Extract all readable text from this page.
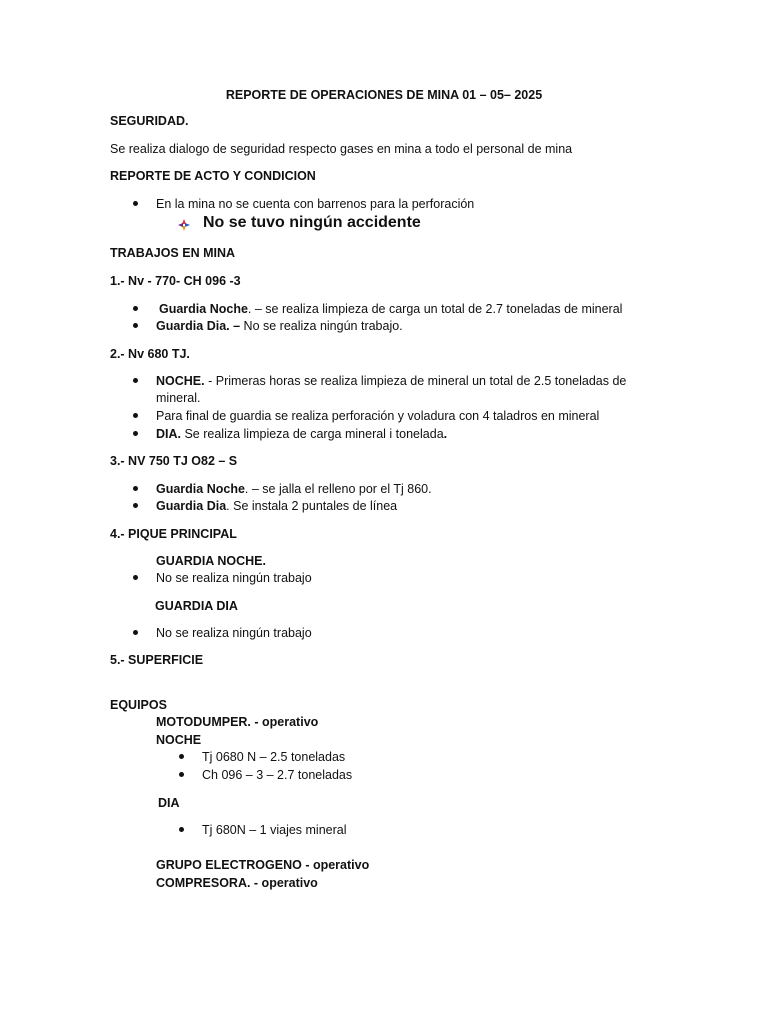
REPORTE DE OPERACIONES DE MINA 01 – 05– 2025
SEGURIDAD.
Se realiza dialogo de seguridad respecto gases en mina a todo el personal de mina
REPORTE DE ACTO Y CONDICION
En la mina no se cuenta con barrenos para la perforación
No se tuvo ningún accidente
TRABAJOS EN MINA
1.- Nv - 770- CH 096 -3
Guardia Noche. – se realiza limpieza de carga un total de 2.7 toneladas de mineral
Guardia Dia. – No se realiza ningún trabajo.
2.- Nv 680 TJ.
NOCHE. - Primeras horas se realiza limpieza de mineral un total de 2.5 toneladas de
mineral.
Para final de guardia se realiza perforación y voladura con 4 taladros en mineral
DIA. Se realiza limpieza de carga mineral i tonelada.
3.- NV 750 TJ O82 – S
Guardia Noche. – se jalla el relleno por el Tj 860.
Guardia Dia. Se instala 2 puntales de línea
4.- PIQUE PRINCIPAL
GUARDIA NOCHE.
No se realiza ningún trabajo
GUARDIA DIA
No se realiza ningún trabajo
5.- SUPERFICIE
EQUIPOS
MOTODUMPER. - operativo
NOCHE
Tj 0680 N – 2.5 toneladas
Ch 096 – 3 – 2.7 toneladas
DIA
Tj 680N – 1 viajes mineral
GRUPO ELECTROGENO - operativo
COMPRESORA. - operativo
